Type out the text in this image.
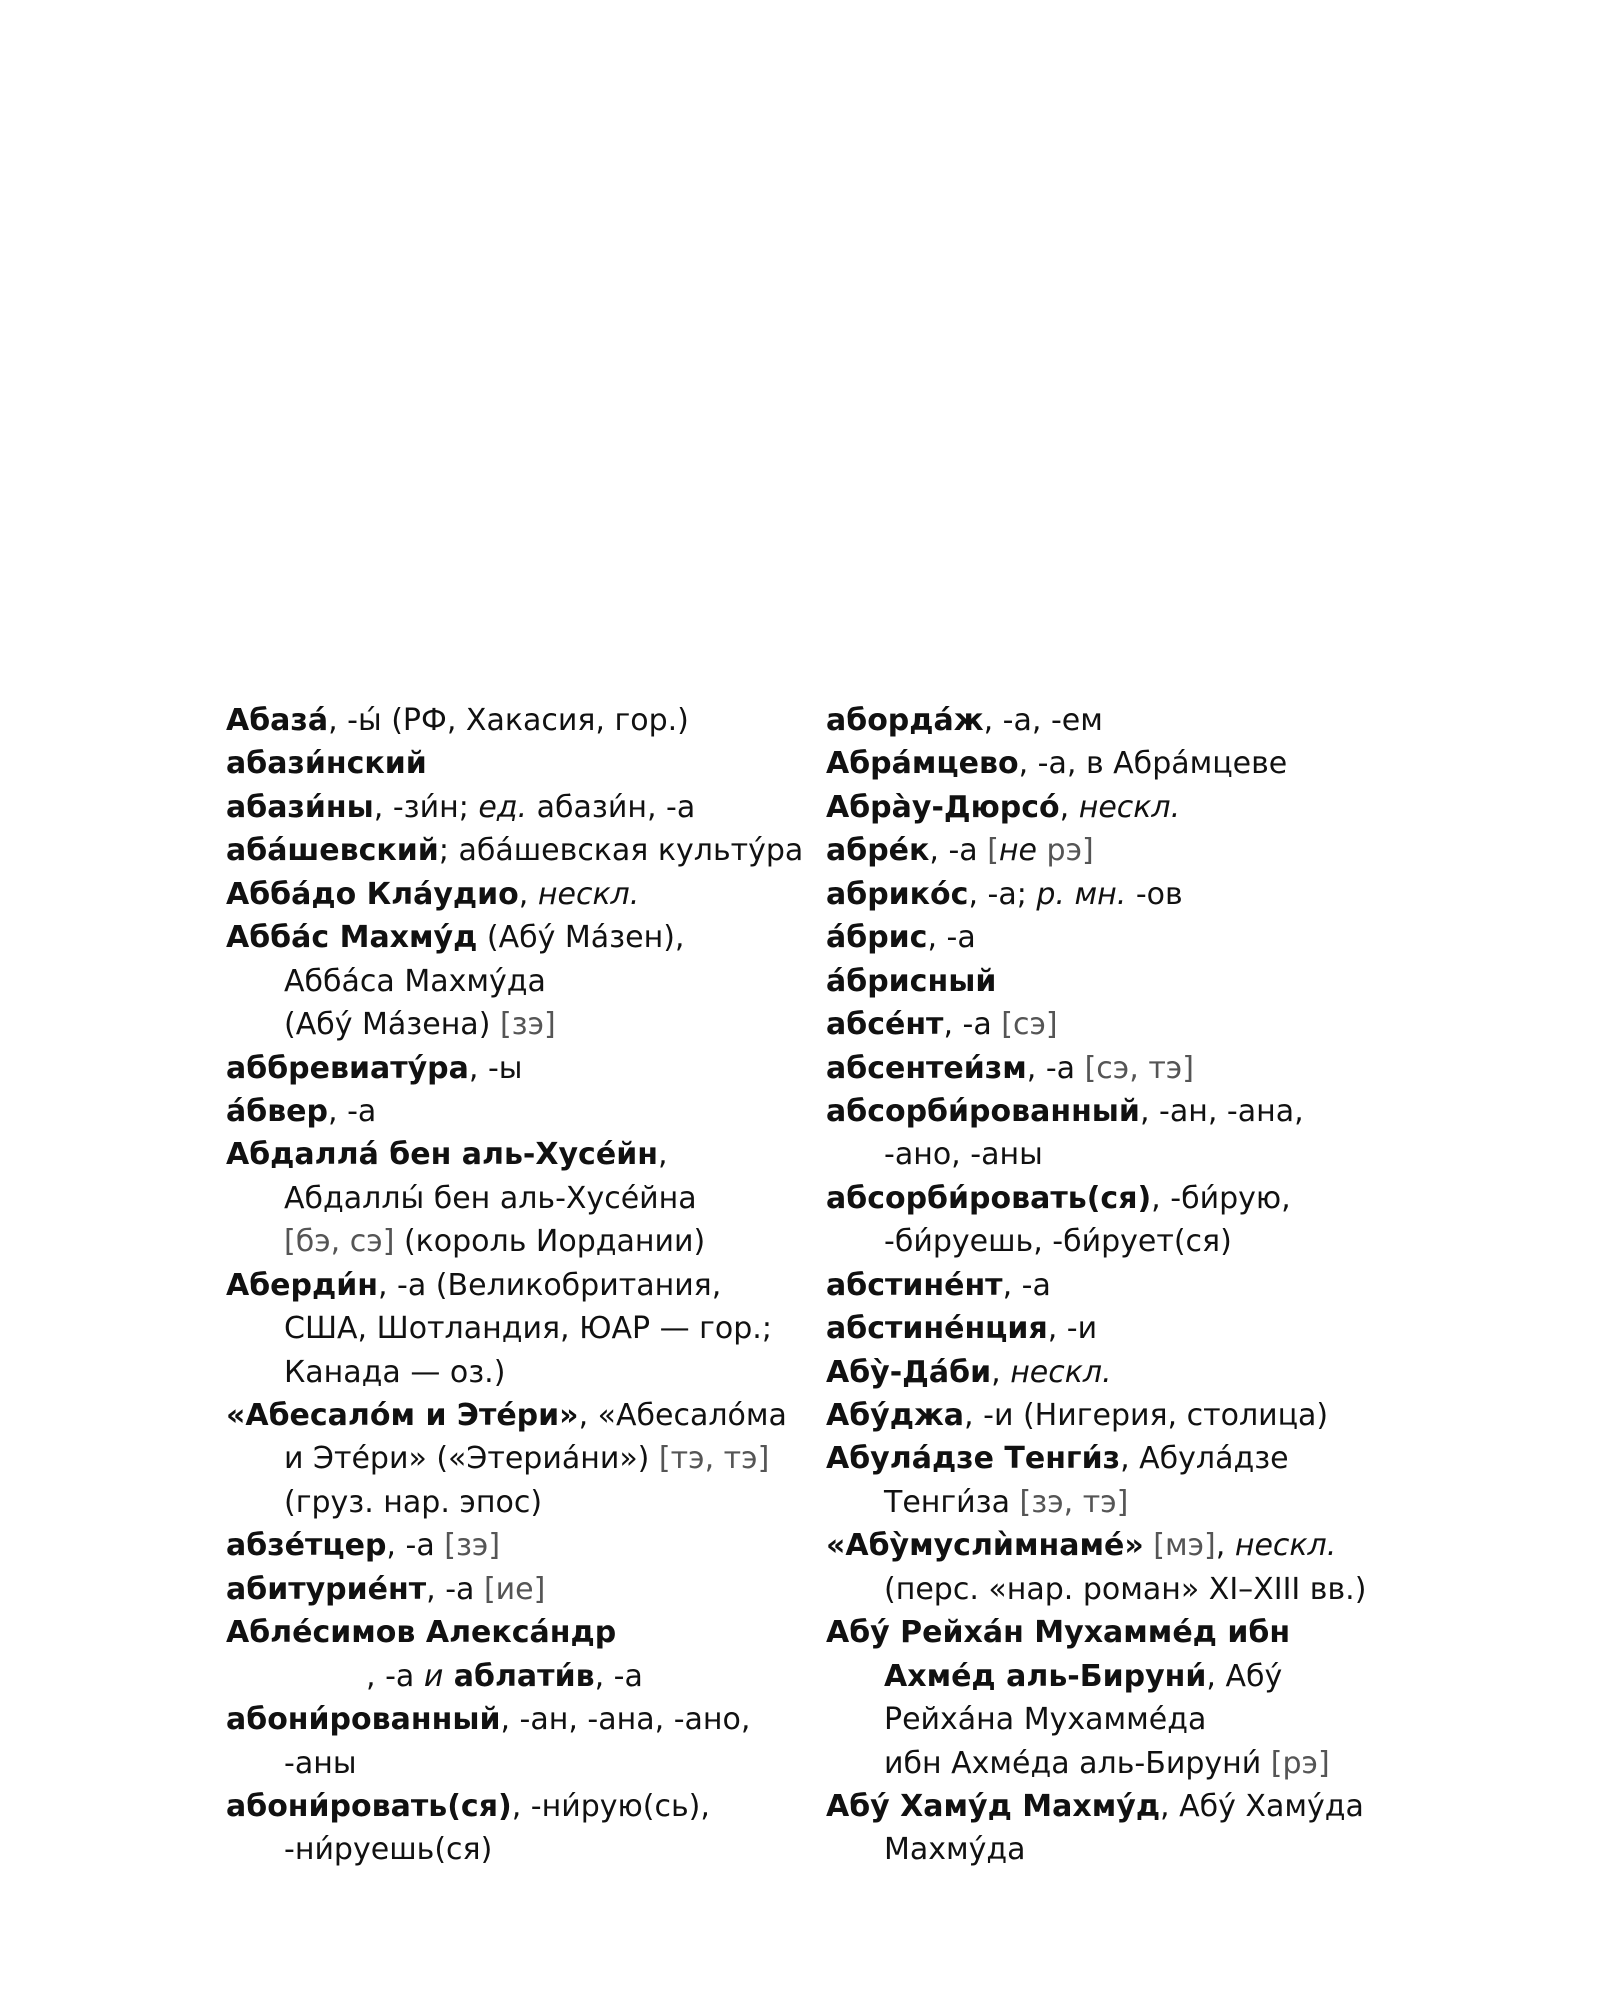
Абаза́, -ы́ (РФ, Хакасия, гор.)
абази́нский
абази́ны, -зи́н; ед. абази́н, -а
аба́шевский; аба́шевская культу́ра
Абба́до Кла́удио, нескл.
Абба́с Махму́д (Абу́ Ма́зен),
Абба́са Махму́да
(Абу́ Ма́зена) [зэ]
аббревиату́ра, -ы
а́бвер, -а
Абдалла́ бен аль-Хусе́йн,
Абдаллы́ бен аль-Хусе́йна
[бэ, сэ] (король Иордании)
Аберди́н, -а (Великобритания,
США, Шотландия, ЮАР — гор.;
Канада — оз.)
«Абесало́м и Эте́ри», «Абесало́ма
и Эте́ри» («Этериа́ни») [тэ, тэ]
(груз. нар. эпос)
абзе́тцер, -а [зэ]
абитурие́нт, -а [ие]
Абле́симов Алекса́ндр
, -а и аблати́в, -а
абони́рованный, -ан, -ана, -ано,
-аны
абони́ровать(ся), -ни́рую(сь),
-ни́руешь(ся)
аборда́ж, -а, -ем
Абра́мцево, -а, в Абра́мцеве
Абра̀у-Дюрсо́, нескл.
абре́к, -а [не рэ]
абрико́с, -а; р. мн. -ов
а́брис, -а
а́брисный
абсе́нт, -а [сэ]
абсентеи́зм, -а [сэ, тэ]
абсорби́рованный, -ан, -ана,
-ано, -аны
абсорби́ровать(ся), -би́рую,
-би́руешь, -би́рует(ся)
абстине́нт, -а
абстине́нция, -и
Абу̀-Да́би, нескл.
Абу́джа, -и (Нигерия, столица)
Абула́дзе Тенги́з, Абула́дзе
Тенги́за [зэ, тэ]
«Абу̀муслѝмнаме́» [мэ], нескл.
(перс. «нар. роман» XI–XIII вв.)
Абу́ Рейха́н Мухамме́д ибн
Ахме́д аль-Бируни́, Абу́
Рейха́на Мухамме́да
ибн Ахме́да аль-Бируни́ [рэ]
Абу́ Хаму́д Махму́д, Абу́ Хаму́да
Махму́да
